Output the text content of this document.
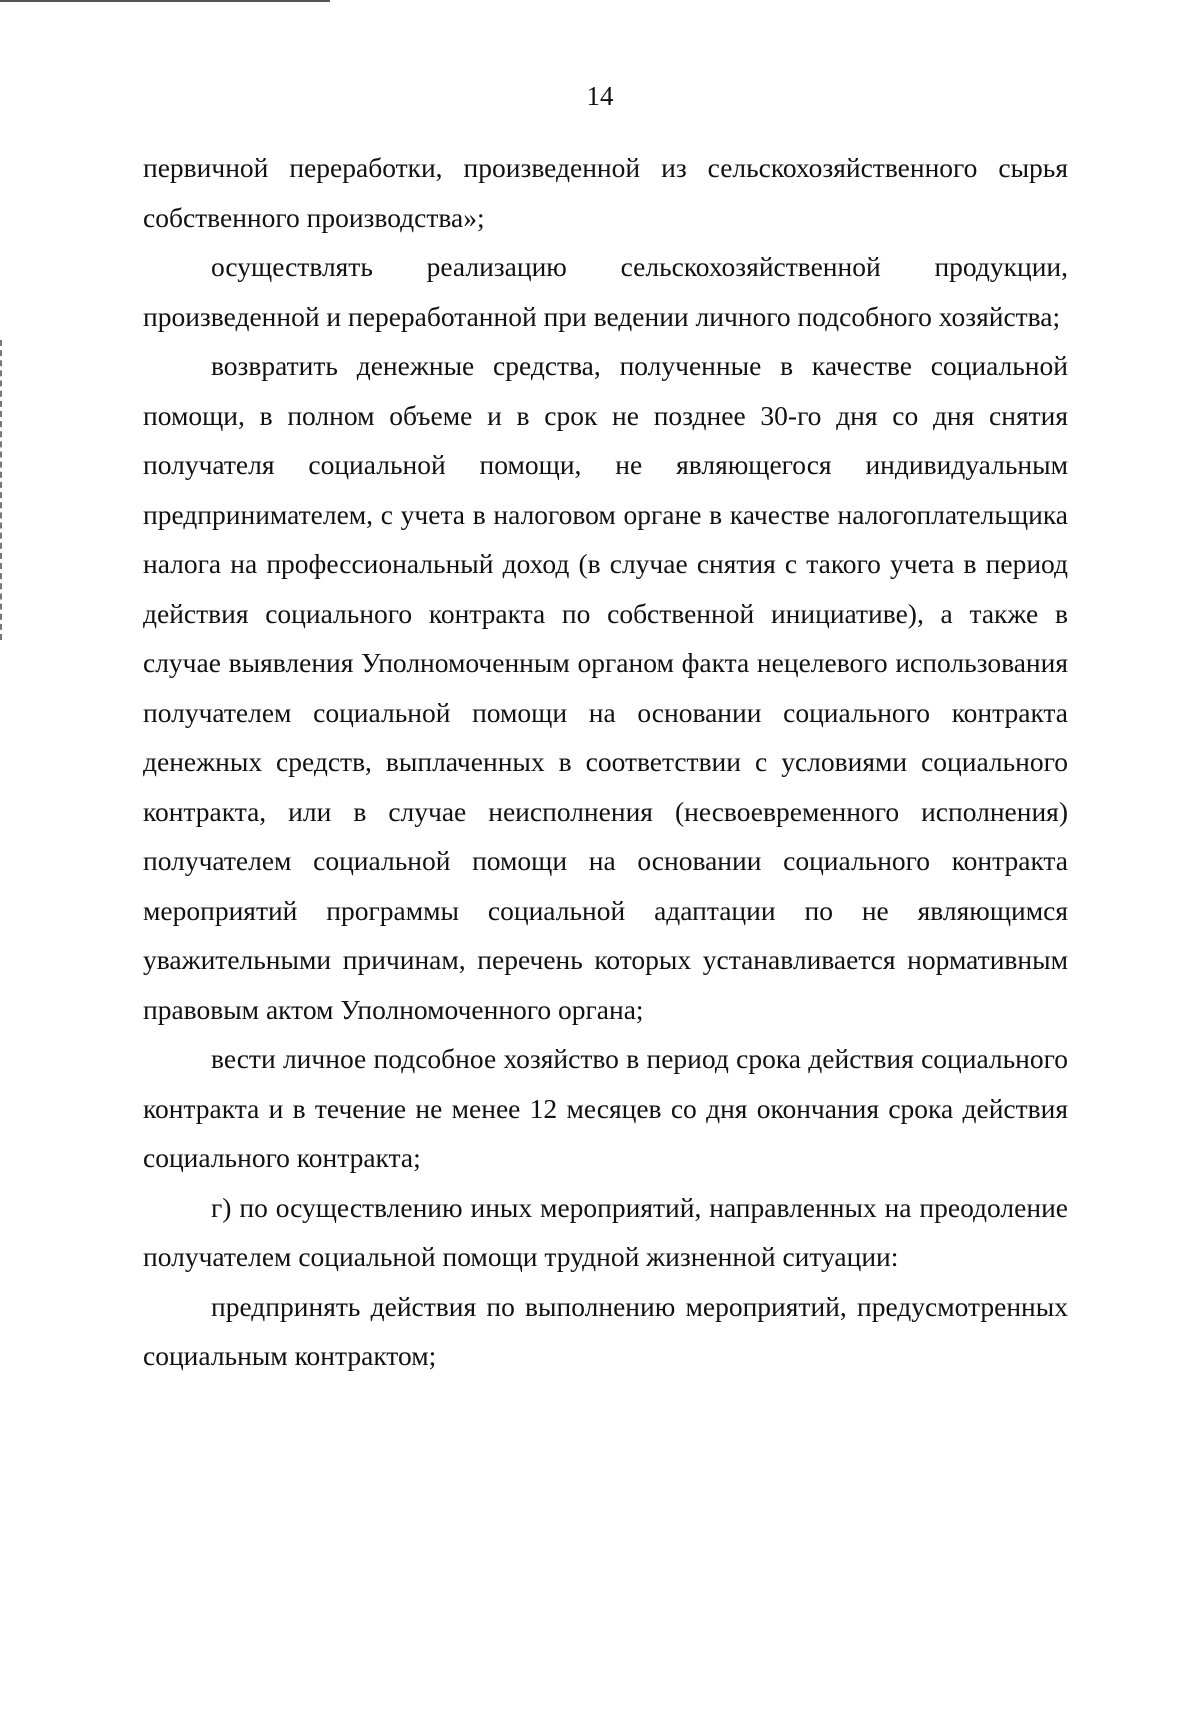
14

первичной переработки, произведенной из сельскохозяйственного сырья собственного производства»;

осуществлять реализацию сельскохозяйственной продукции, произведенной и переработанной при ведении личного подсобного хозяйства;

возвратить денежные средства, полученные в качестве социальной помощи, в полном объеме и в срок не позднее 30-го дня со дня снятия получателя социальной помощи, не являющегося индивидуальным предпринимателем, с учета в налоговом органе в качестве налогоплательщика налога на профессиональный доход (в случае снятия с такого учета в период действия социального контракта по собственной инициативе), а также в случае выявления Уполномоченным органом факта нецелевого использования получателем социальной помощи на основании социального контракта денежных средств, выплаченных в соответствии с условиями социального контракта, или в случае неисполнения (несвоевременного исполнения) получателем социальной помощи на основании социального контракта мероприятий программы социальной адаптации по не являющимся уважительными причинам, перечень которых устанавливается нормативным правовым актом Уполномоченного органа;

вести личное подсобное хозяйство в период срока действия социального контракта и в течение не менее 12 месяцев со дня окончания срока действия социального контракта;

г) по осуществлению иных мероприятий, направленных на преодоление получателем социальной помощи трудной жизненной ситуации:

предпринять действия по выполнению мероприятий, предусмотренных социальным контрактом;
